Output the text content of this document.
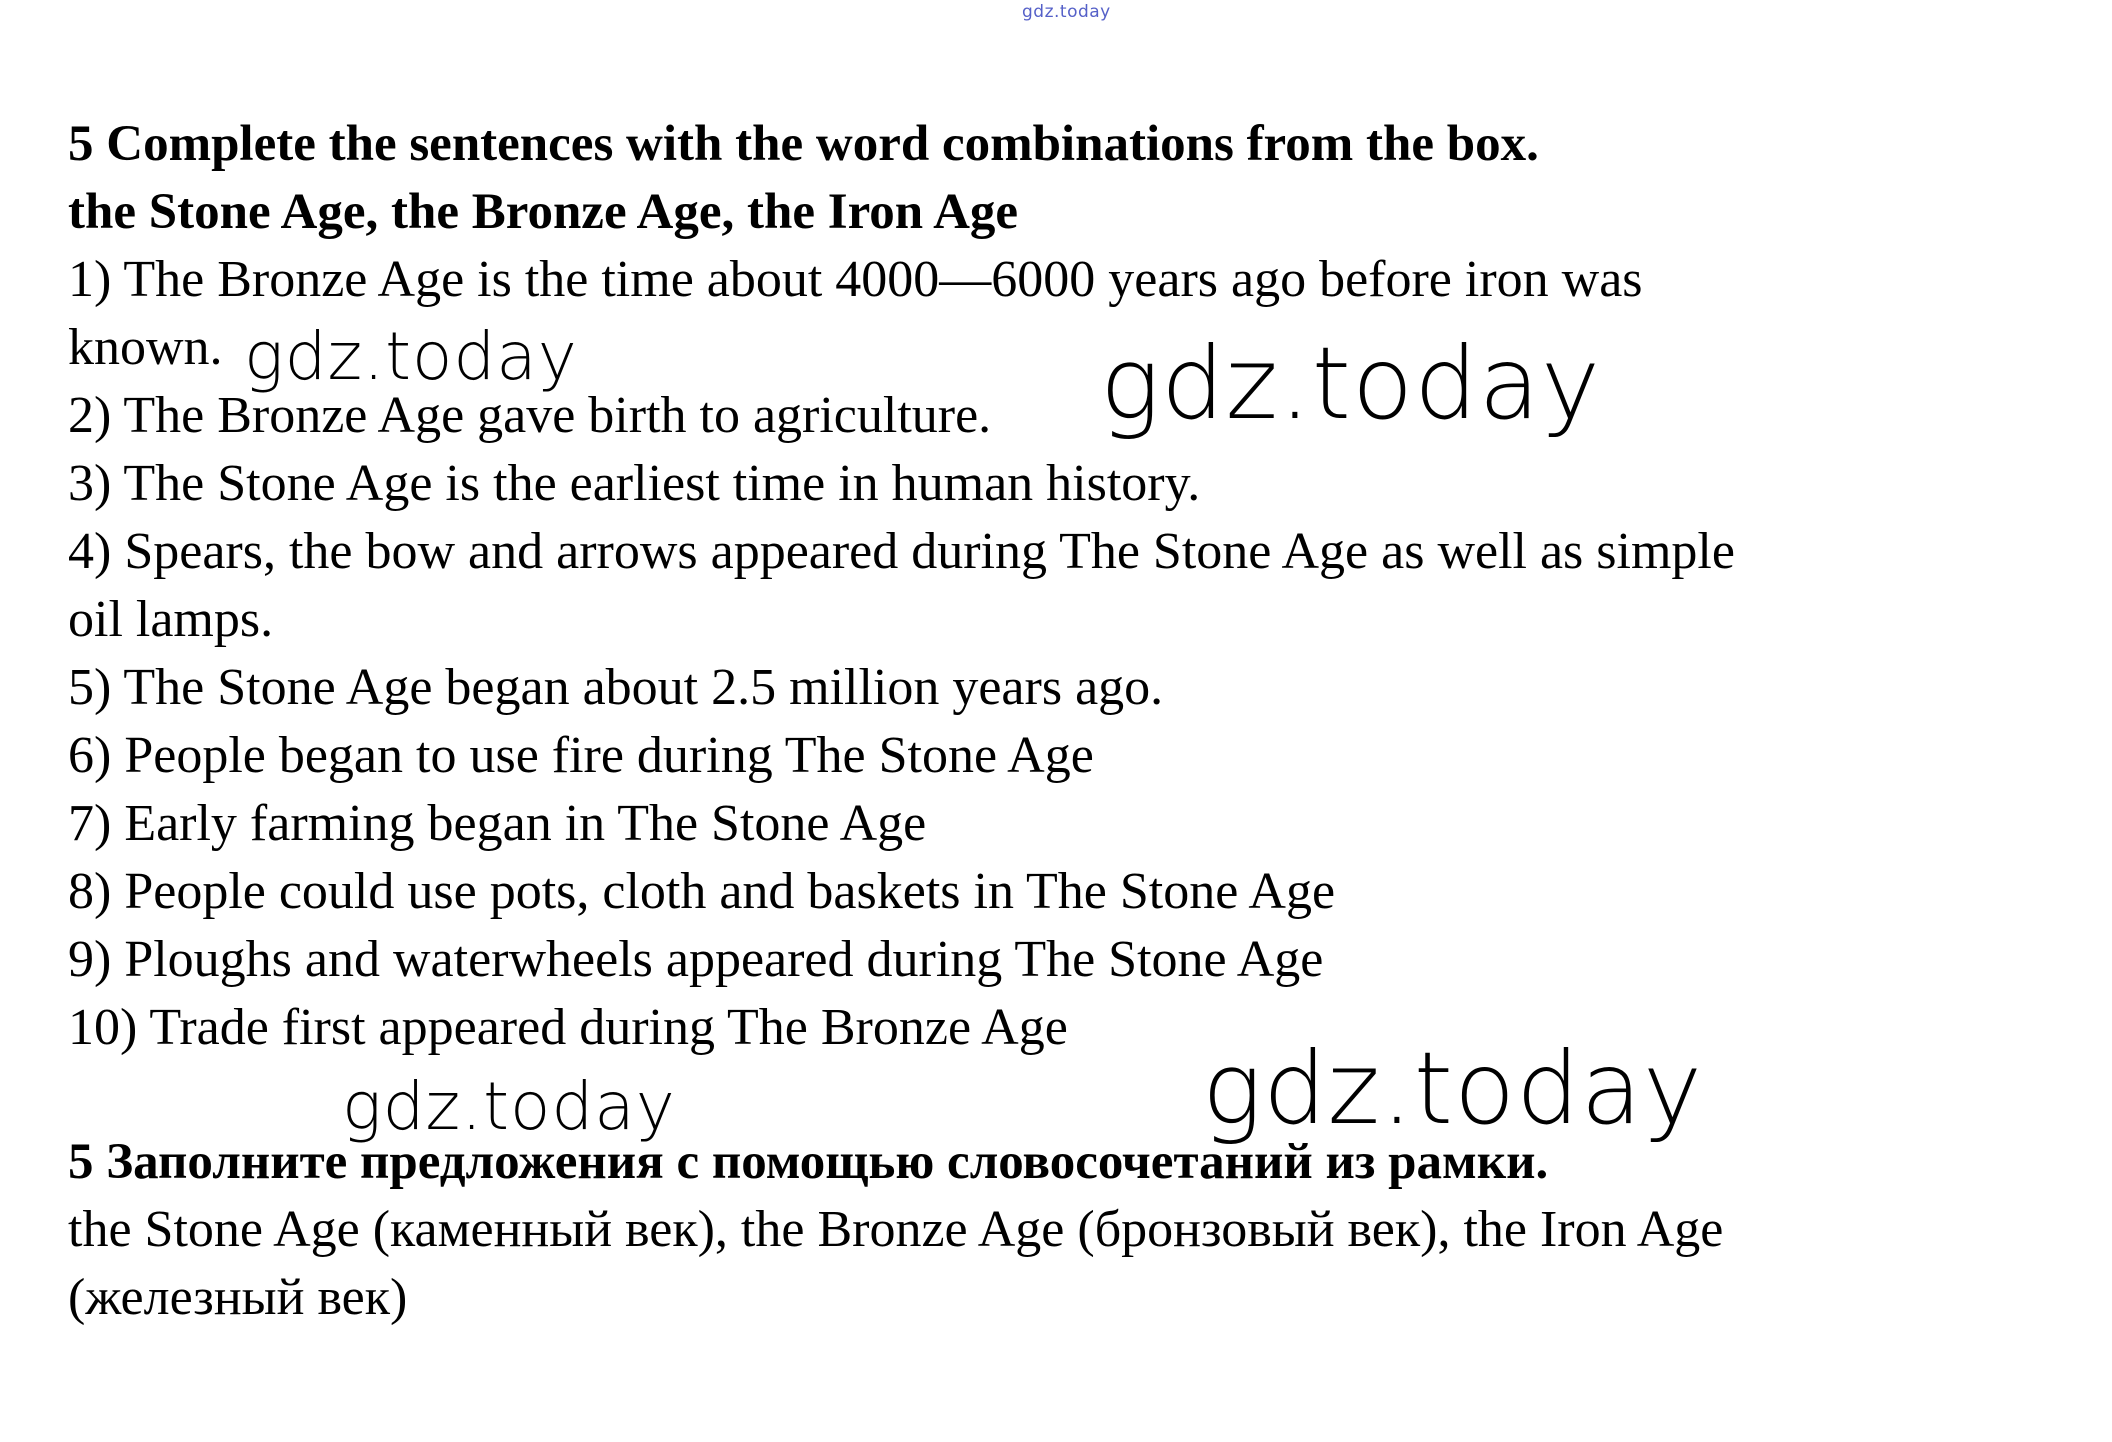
gdz.today
5 Complete the sentences with the word combinations from the box.
the Stone Age, the Bronze Age, the Iron Age
1) The Bronze Age is the time about 4000—6000 years ago before iron was
known.
2) The Bronze Age gave birth to agriculture.
3) The Stone Age is the earliest time in human history.
4) Spears, the bow and arrows appeared during The Stone Age as well as simple
oil lamps.
5) The Stone Age began about 2.5 million years ago.
6) People began to use fire during The Stone Age
7) Early farming began in The Stone Age
8) People could use pots, cloth and baskets in The Stone Age
9) Ploughs and waterwheels appeared during The Stone Age
10) Trade first appeared during The Bronze Age
5 Заполните предложения с помощью словосочетаний из рамки.
the Stone Age (каменный век), the Bronze Age (бронзовый век), the Iron Age
(железный век)
gdz.today	gdz.today
gdz.today	gdz.today
